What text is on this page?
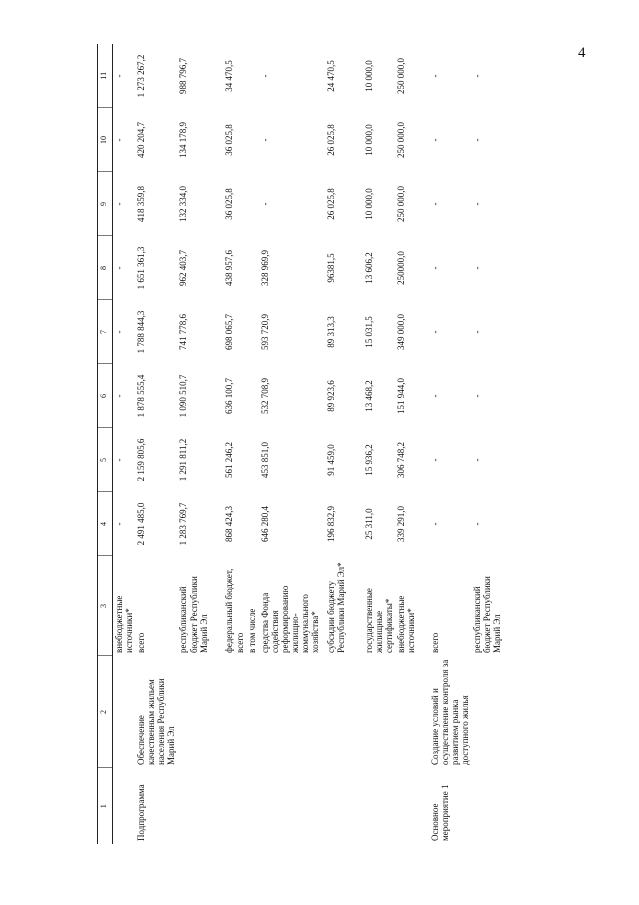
4
1	2	3	4	5	6	7	8	9	10	11
		внебюджетные источники*	-	-	-	-	-	-	-	-
Подпрограмма	Обеспечение качественным жильем населения Республики Марий Эл	всего	2 491 485,0	2 159 805,6	1 878 555,4	1 788 844,3	1 651 361,3	418 359,8	420 204,7	1 273 267,2
		республиканский бюджет Республики Марий Эл	1 283 769,7	1 291 811,2	1 090 510,7	741 778,6	962 403,7	132 334,0	134 178,9	988 796,7
		федеральный бюджет, всего	868 424,3	561 246,2	636 100,7	698 065,7	438 957,6	36 025,8	36 025,8	34 470,5
		в том числе								
		средства Фонда содействия реформированию жилищно-коммунального хозяйства*	646 280,4	453 851,0	532 708,9	593 720,9	328 969,9	-	-	-
		субсидии бюджету Республики Марий Эл*	196 832,9	91 459,0	89 923,6	89 313,3	96381,5	26 025,8	26 025,8	24 470,5
		государственные жилищные сертификаты*	25 311,0	15 936,2	13 468,2	15 031,5	13 606,2	10 000,0	10 000,0	10 000,0
		внебюджетные источники*	339 291,0	306 748,2	151 944,0	349 000,0	250000,0	250 000,0	250 000,0	250 000,0

Основное мероприятие 1	Создание условий и осуществление контроля за развитием рынка доступного жилья	всего	-	-	-	-	-	-	-	-
		республиканский бюджет Республики Марий Эл	-	-	-	-	-	-	-	-
